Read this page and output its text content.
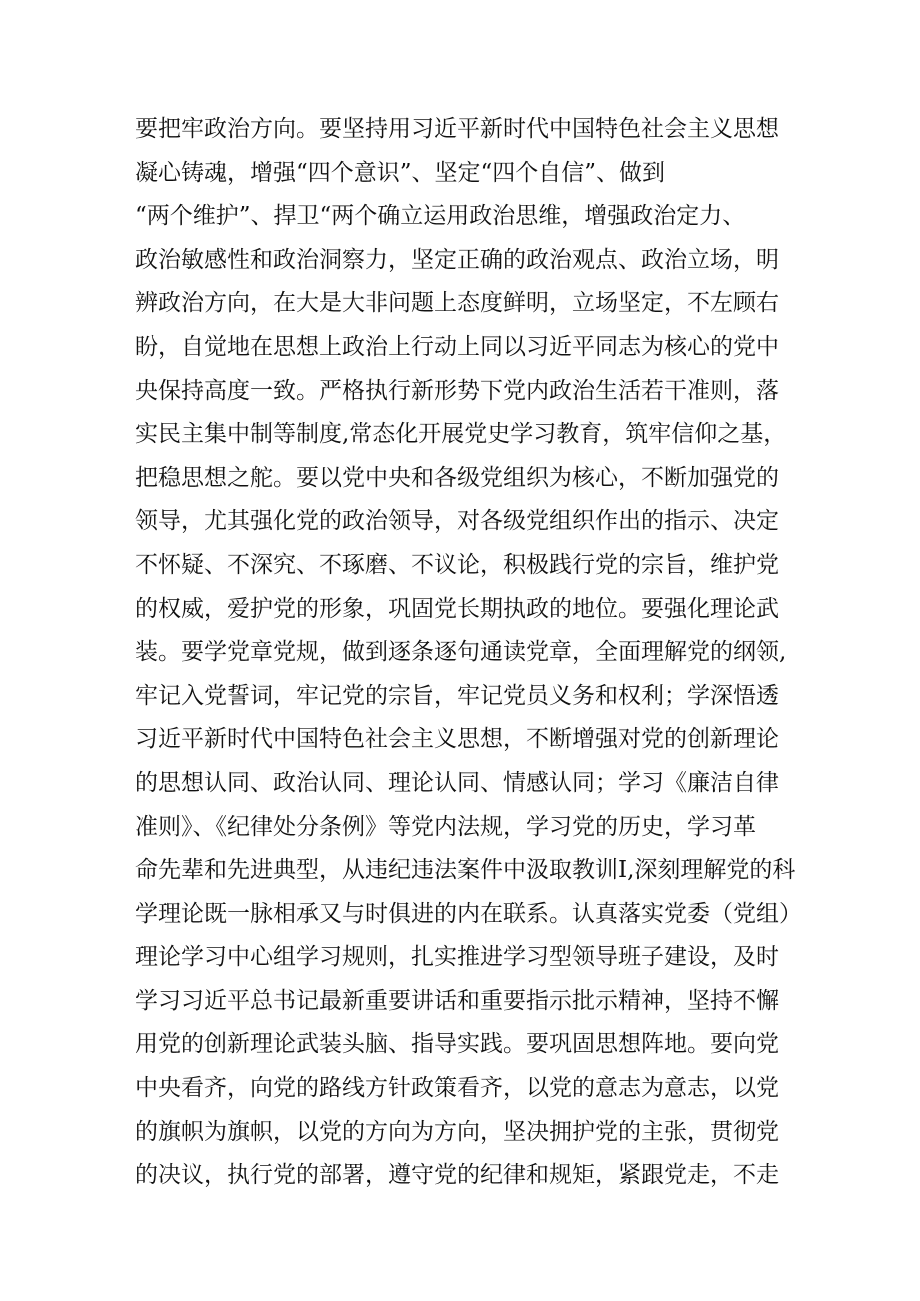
要把牢政治方向。要坚持用习近平新时代中国特色社会主义思想
凝心铸魂，增强“四个意识”、坚定“四个自信”、做到
“两个维护”、捍卫“两个确立运用政治思维，增强政治定力、
政治敏感性和政治洞察力，坚定正确的政治观点、政治立场，明
辨政治方向，在大是大非问题上态度鲜明，立场坚定，不左顾右
盼，自觉地在思想上政治上行动上同以习近平同志为核心的党中
央保持高度一致。严格执行新形势下党内政治生活若干准则，落
实民主集中制等制度,常态化开展党史学习教育，筑牢信仰之基，
把稳思想之舵。要以党中央和各级党组织为核心，不断加强党的
领导，尤其强化党的政治领导，对各级党组织作出的指示、决定
不怀疑、不深究、不琢磨、不议论，积极践行党的宗旨，维护党
的权威，爱护党的形象，巩固党长期执政的地位。要强化理论武
装。要学党章党规，做到逐条逐句通读党章，全面理解党的纲领,
牢记入党誓词，牢记党的宗旨，牢记党员义务和权利；学深悟透
习近平新时代中国特色社会主义思想，不断增强对党的创新理论
的思想认同、政治认同、理论认同、情感认同；学习《廉洁自律
准则》、《纪律处分条例》等党内法规，学习党的历史，学习革
命先辈和先进典型，从违纪违法案件中汲取教训I,深刻理解党的科
学理论既一脉相承又与时俱进的内在联系。认真落实党委（党组）
理论学习中心组学习规则，扎实推进学习型领导班子建设，及时
学习习近平总书记最新重要讲话和重要指示批示精神，坚持不懈
用党的创新理论武装头脑、指导实践。要巩固思想阵地。要向党
中央看齐，向党的路线方针政策看齐，以党的意志为意志，以党
的旗帜为旗帜，以党的方向为方向，坚决拥护党的主张，贯彻党
的决议，执行党的部署，遵守党的纪律和规矩，紧跟党走，不走
